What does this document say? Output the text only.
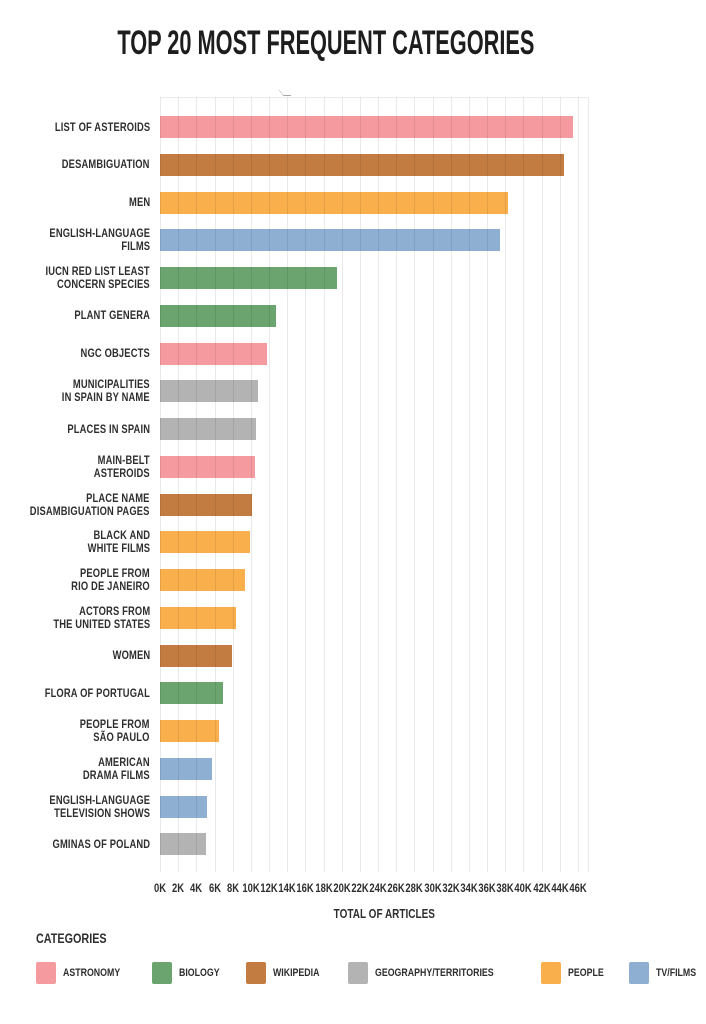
TOP 20 MOST FREQUENT CATEGORIES
LIST OF ASTEROIDS
DESAMBIGUATION
MEN
ENGLISH-LANGUAGE
FILMS
IUCN RED LIST LEAST
CONCERN SPECIES
PLANT GENERA
NGC OBJECTS
MUNICIPALITIES
IN SPAIN BY NAME
PLACES IN SPAIN
MAIN-BELT
ASTEROIDS
PLACE NAME
DISAMBIGUATION PAGES
BLACK AND
WHITE FILMS
PEOPLE FROM
RIO DE JANEIRO
ACTORS FROM
THE UNITED STATES
WOMEN
FLORA OF PORTUGAL
PEOPLE FROM
SÃO PAULO
AMERICAN
DRAMA FILMS
ENGLISH-LANGUAGE
TELEVISION SHOWS
GMINAS OF POLAND
0K 2K 4K 6K 8K 10K 12K 14K 16K 18K 20K 22K 24K 26K 28K 30K 32K 34K 36K 38K 40K 42K 44K 46K
TOTAL OF ARTICLES
CATEGORIES
ASTRONOMY	BIOLOGY	WIKIPEDIA	GEOGRAPHY/TERRITORIES	PEOPLE	TV/FILMS
